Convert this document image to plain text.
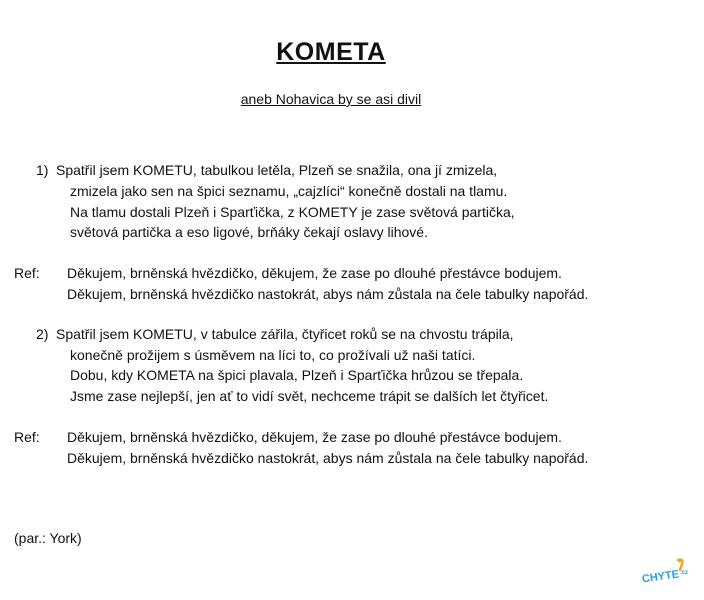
KOMETA
aneb Nohavica by se asi divil
1) Spatřil jsem KOMETU, tabulkou letěla, Plzeň se snažila, ona jí zmizela,
zmizela jako sen na špici seznamu, „cajzlíci“ konečně dostali na tlamu.
Na tlamu dostali Plzeň i Sparťička, z KOMETY je zase světová partička,
světová partička a eso ligové, brňáky čekají oslavy lihové.
Ref: Děkujem, brněnská hvězdičko, děkujem, že zase po dlouhé přestávce bodujem.
Děkujem, brněnská hvězdičko nastokrát, abys nám zůstala na čele tabulky napořád.
2) Spatřil jsem KOMETU, v tabulce zářila, čtyřicet roků se na chvostu trápila,
konečně prožijem s úsměvem na líci to, co prožívali už naši tatíci.
Dobu, kdy KOMETA na špici plavala, Plzeň i Sparťička hrůzou se třepala.
Jsme zase nejlepší, jen ať to vidí svět, nechceme trápit se dalších let čtyřicet.
Ref: Děkujem, brněnská hvězdičko, děkujem, že zase po dlouhé přestávce bodujem.
Děkujem, brněnská hvězdičko nastokrát, abys nám zůstala na čele tabulky napořád.
(par.: York)
CHYTE .cz
